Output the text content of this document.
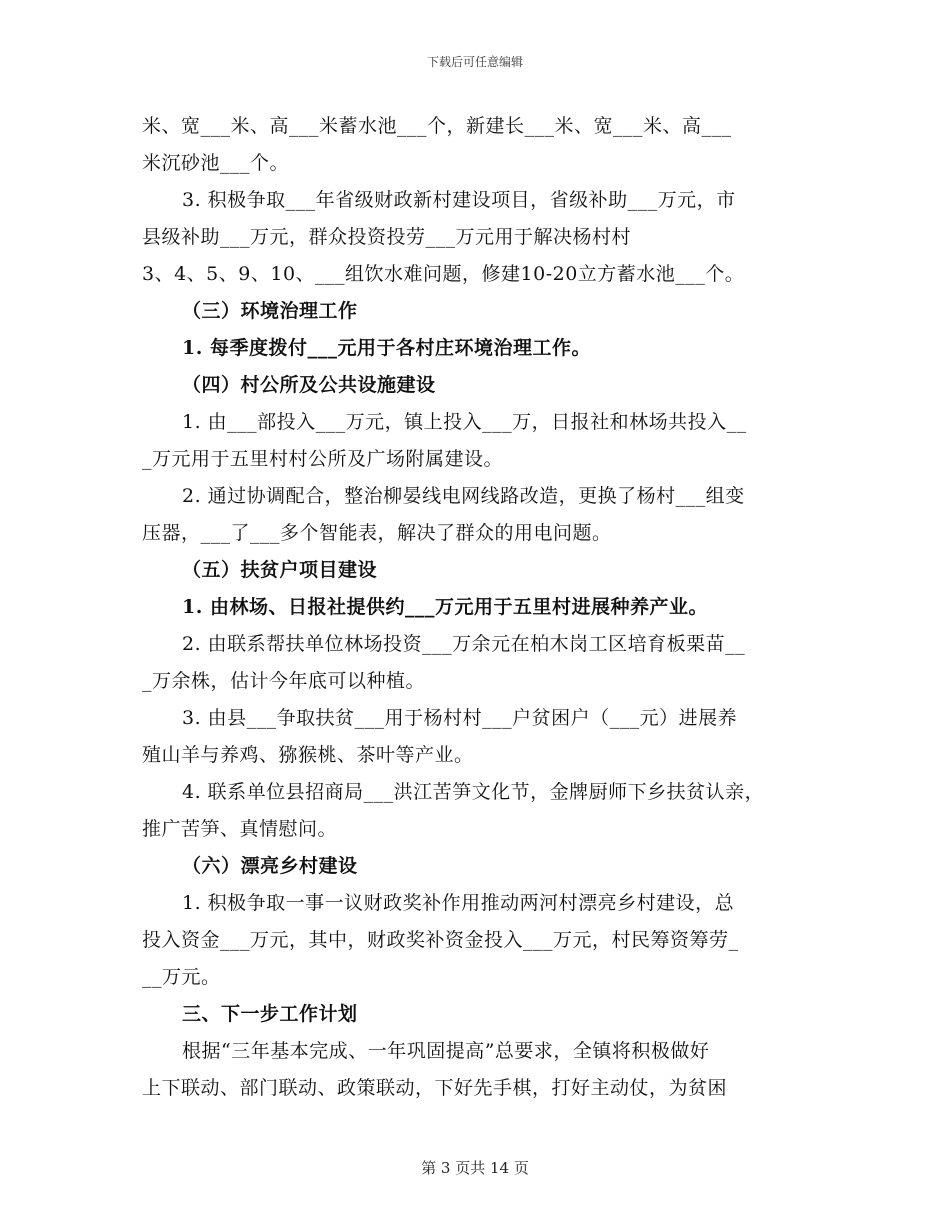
下载后可任意编辑
米、宽___米、高___米蓄水池___个，新建长___米、宽___米、高___
米沉砂池___个。
3. 积极争取___年省级财政新村建设项目，省级补助___万元，市
县级补助___万元，群众投资投劳___万元用于解决杨村村
3、4、5、9、10、___组饮水难问题，修建10-20立方蓄水池___个。
（三）环境治理工作
1. 每季度拨付___元用于各村庄环境治理工作。
（四）村公所及公共设施建设
1. 由___部投入___万元，镇上投入___万，日报社和林场共投入__
_万元用于五里村村公所及广场附属建设。
2. 通过协调配合，整治柳晏线电网线路改造，更换了杨村___组变
压器，___了___多个智能表，解决了群众的用电问题。
（五）扶贫户项目建设
1. 由林场、日报社提供约___万元用于五里村进展种养产业。
2. 由联系帮扶单位林场投资___万余元在柏木岗工区培育板栗苗__
_万余株，估计今年底可以种植。
3. 由县___争取扶贫___用于杨村村___户贫困户（___元）进展养
殖山羊与养鸡、猕猴桃、茶叶等产业。
4. 联系单位县招商局___洪江苦笋文化节，金牌厨师下乡扶贫认亲，
推广苦笋、真情慰问。
（六）漂亮乡村建设
1. 积极争取一事一议财政奖补作用推动两河村漂亮乡村建设，总
投入资金___万元，其中，财政奖补资金投入___万元，村民筹资筹劳_
__万元。
三、下一步工作计划
根据“三年基本完成、一年巩固提高”总要求，全镇将积极做好
上下联动、部门联动、政策联动，下好先手棋，打好主动仗，为贫困
第 3 页共 14 页
